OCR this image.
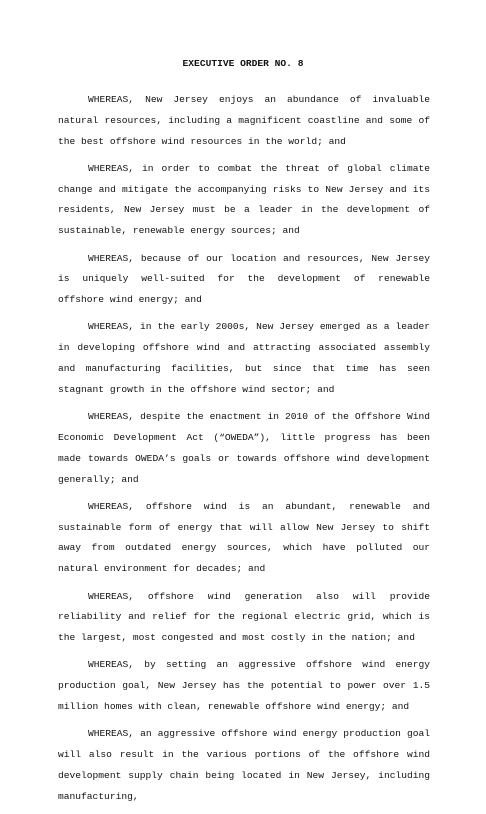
EXECUTIVE ORDER NO. 8

WHEREAS, New Jersey enjoys an abundance of invaluable natural resources, including a magnificent coastline and some of the best offshore wind resources in the world; and

WHEREAS, in order to combat the threat of global climate change and mitigate the accompanying risks to New Jersey and its residents, New Jersey must be a leader in the development of sustainable, renewable energy sources; and

WHEREAS, because of our location and resources, New Jersey is uniquely well-suited for the development of renewable offshore wind energy; and

WHEREAS, in the early 2000s, New Jersey emerged as a leader in developing offshore wind and attracting associated assembly and manufacturing facilities, but since that time has seen stagnant growth in the offshore wind sector; and

WHEREAS, despite the enactment in 2010 of the Offshore Wind Economic Development Act (“OWEDA”), little progress has been made towards OWEDA’s goals or towards offshore wind development generally; and

WHEREAS, offshore wind is an abundant, renewable and sustainable form of energy that will allow New Jersey to shift away from outdated energy sources, which have polluted our natural environment for decades; and

WHEREAS, offshore wind generation also will provide reliability and relief for the regional electric grid, which is the largest, most congested and most costly in the nation; and

WHEREAS, by setting an aggressive offshore wind energy production goal, New Jersey has the potential to power over 1.5 million homes with clean, renewable offshore wind energy; and

WHEREAS, an aggressive offshore wind energy production goal will also result in the various portions of the offshore wind development supply chain being located in New Jersey, including manufacturing,
